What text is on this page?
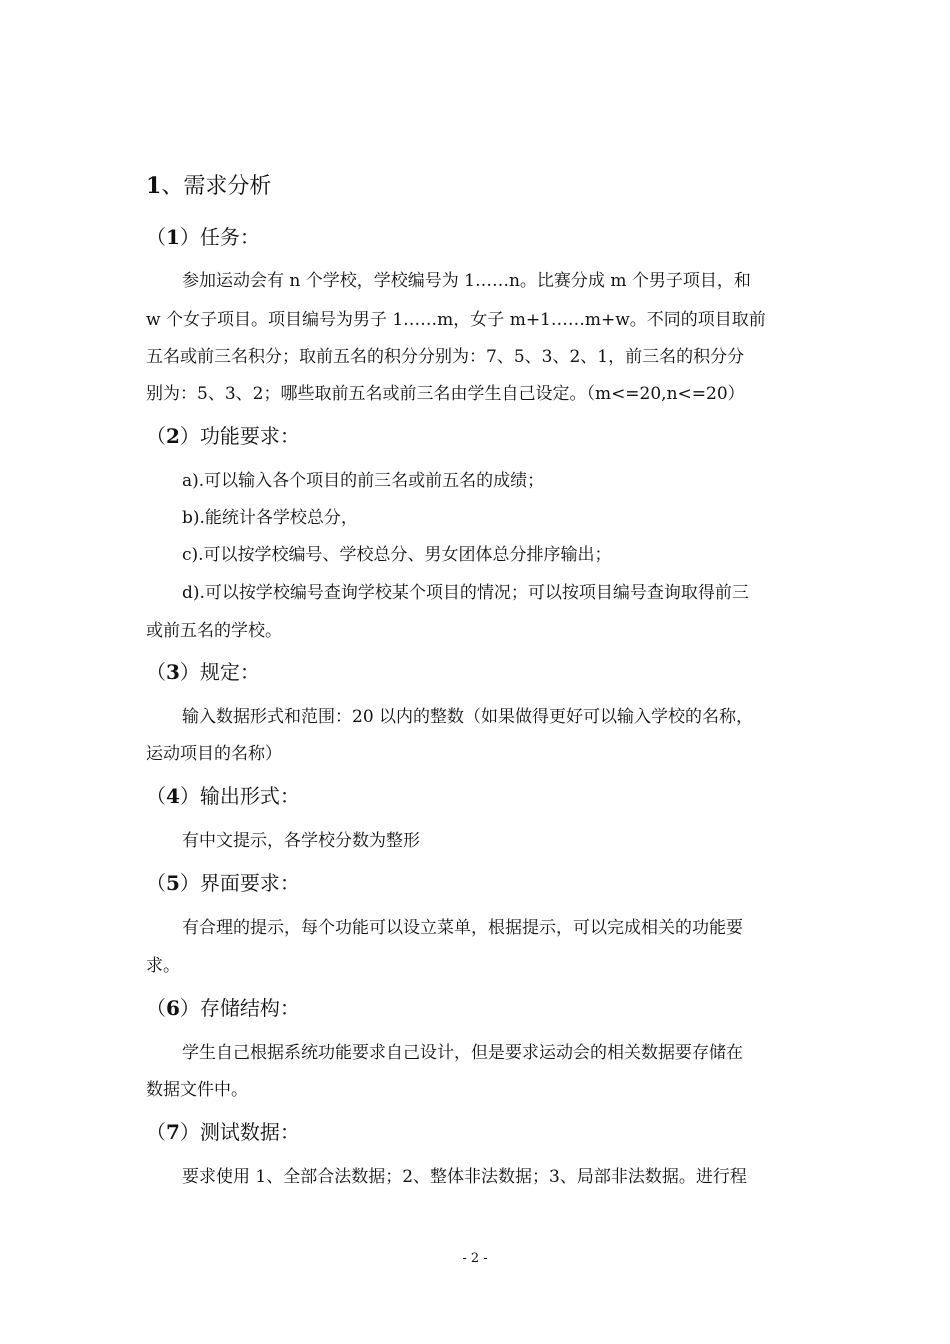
1、需求分析
（1）任务：
参加运动会有 n 个学校，学校编号为 1……n。比赛分成 m 个男子项目，和
w 个女子项目。项目编号为男子 1……m，女子 m+1……m+w。不同的项目取前
五名或前三名积分；取前五名的积分分别为：7、5、3、2、1，前三名的积分分
别为：5、3、2；哪些取前五名或前三名由学生自己设定。（m<=20,n<=20）
（2）功能要求：
a).可以输入各个项目的前三名或前五名的成绩；
b).能统计各学校总分，
c).可以按学校编号、学校总分、男女团体总分排序输出；
d).可以按学校编号查询学校某个项目的情况；可以按项目编号查询取得前三
或前五名的学校。
（3）规定：
输入数据形式和范围：20 以内的整数（如果做得更好可以输入学校的名称，
运动项目的名称）
（4）输出形式：
有中文提示，各学校分数为整形
（5）界面要求：
有合理的提示，每个功能可以设立菜单，根据提示，可以完成相关的功能要
求。
（6）存储结构：
学生自己根据系统功能要求自己设计，但是要求运动会的相关数据要存储在
数据文件中。
（7）测试数据：
要求使用 1、全部合法数据；2、整体非法数据；3、局部非法数据。进行程
- 2 -
